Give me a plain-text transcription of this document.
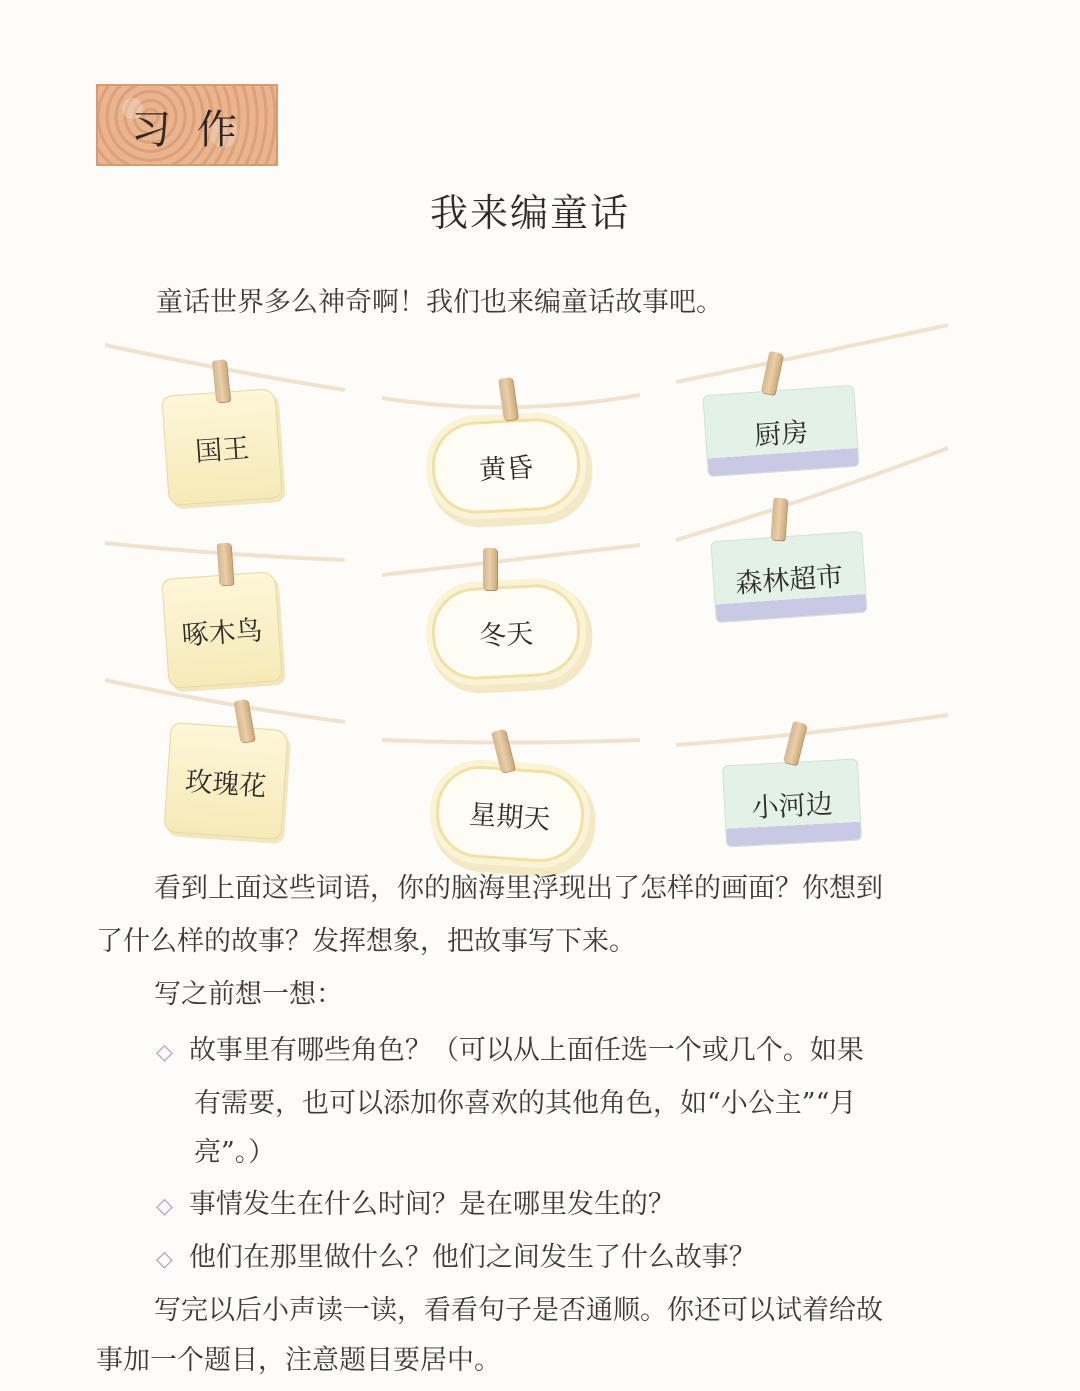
习作
我来编童话
童话世界多么神奇啊！我们也来编童话故事吧。
国王
黄昏
厨房
啄木鸟	冬天
森林超市
玫瑰花
星期天	小河边
看到上面这些词语，你的脑海里浮现出了怎样的画面？你想到
了什么样的故事？发挥想象，把故事写下来。
写之前想一想：
◇ 故事里有哪些角色？（可以从上面任选一个或几个。如果
有需要，也可以添加你喜欢的其他角色，如“小公主”“月
亮”。）
◇ 事情发生在什么时间？是在哪里发生的？
◇ 他们在那里做什么？他们之间发生了什么故事？
写完以后小声读一读，看看句子是否通顺。你还可以试着给故
事加一个题目，注意题目要居中。
